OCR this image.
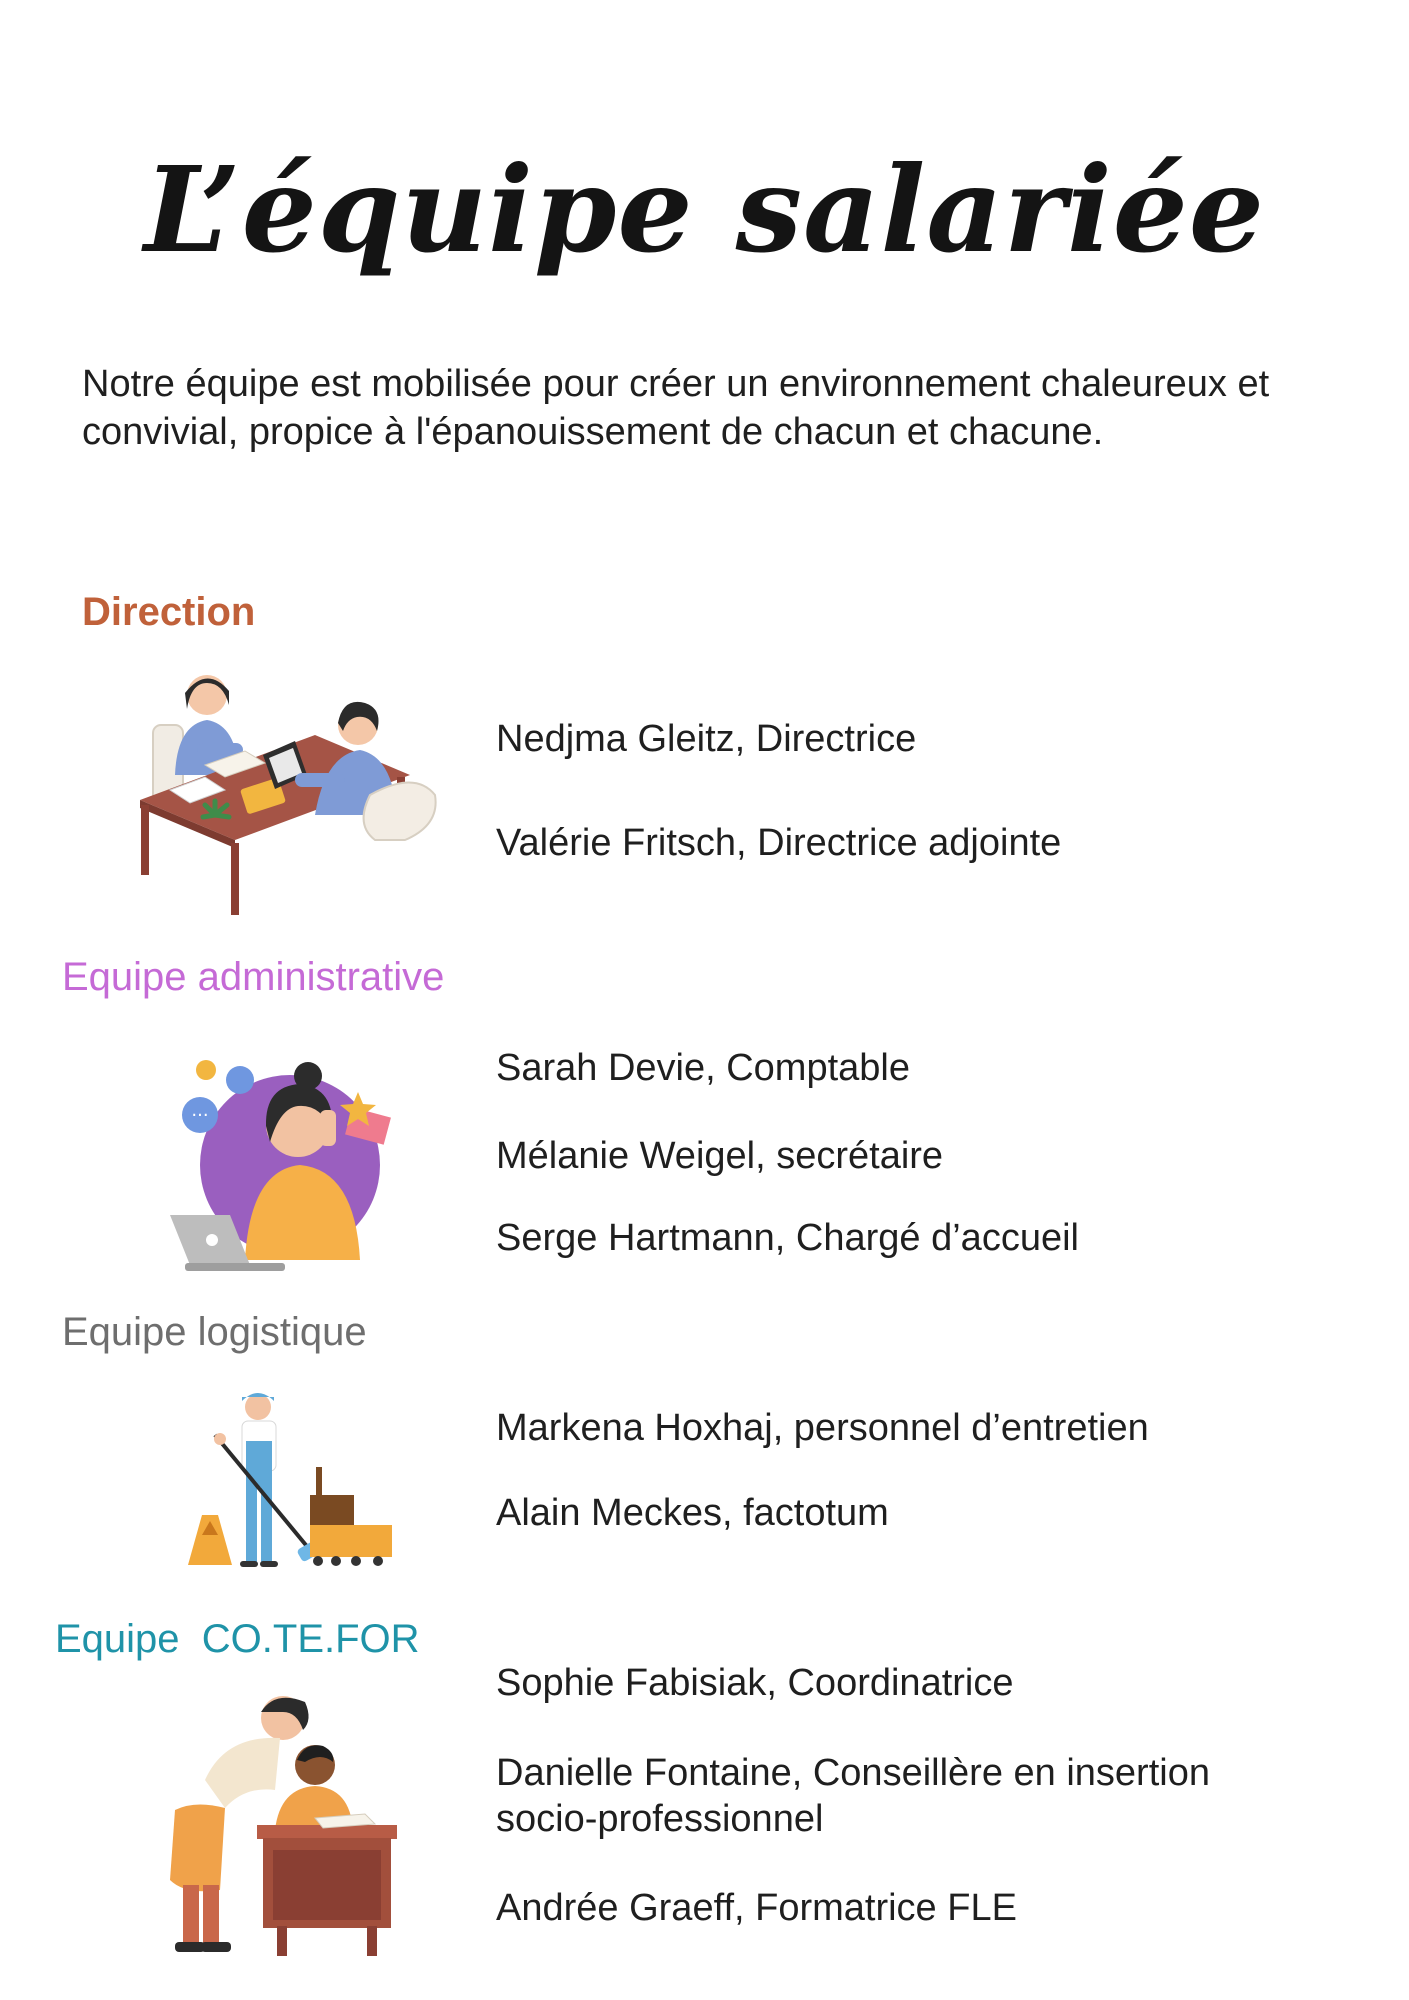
L’équipe salariée
Notre équipe est mobilisée pour créer un environnement chaleureux et convivial, propice à l'épanouissement de chacun et chacune.
Direction
Nedjma Gleitz, Directrice
Valérie Fritsch, Directrice adjointe
Equipe administrative
···
Sarah Devie, Comptable
Mélanie Weigel, secrétaire
Serge Hartmann, Chargé d’accueil
Equipe logistique
Markena Hoxhaj, personnel d’entretien
Alain Meckes, factotum
Equipe  CO.TE.FOR
Sophie Fabisiak, Coordinatrice
Danielle Fontaine, Conseillère en insertion socio-professionnel
Andrée Graeff, Formatrice FLE
